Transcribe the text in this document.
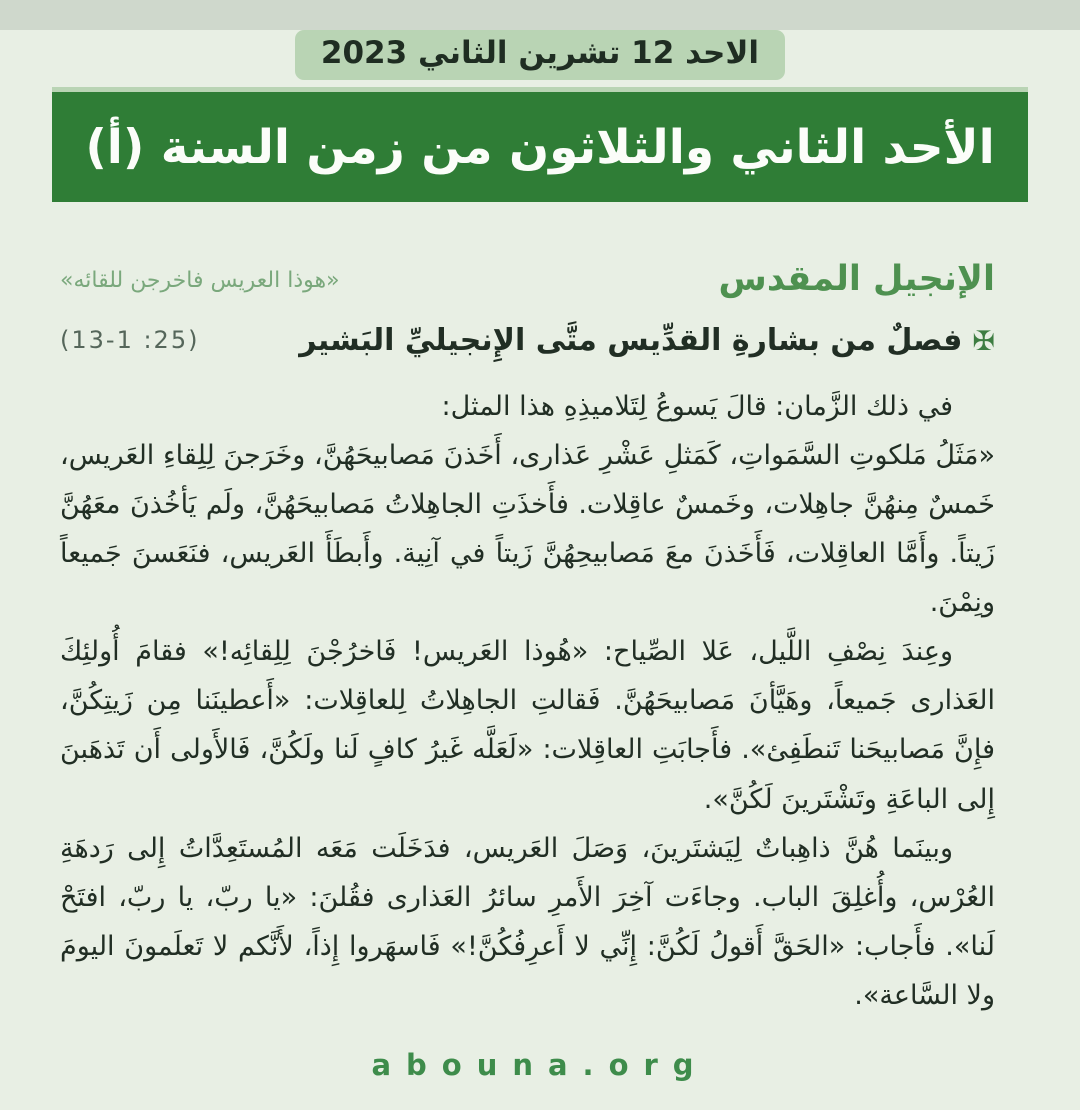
الاحد 12 تشرين الثاني 2023
الأحد الثاني والثلاثون من زمن السنة (أ)
الإنجيل المقدس
«هوذا العريس فاخرجن للقائه»
✠فصلٌ من بشارةِ القدِّيس متَّى الإِنجيليِّ البَشير
(13-1 :25)

في ذلك الزَّمان: قالَ يَسوعُ لِتَلاميذِهِ هذا المثل:

«مَثَلُ مَلكوتِ السَّمَواتِ، كَمَثلِ عَشْرِ عَذارى، أَخَذنَ مَصابيحَهُنَّ، وخَرَجنَ لِلِقاءِ العَريس، خَمسٌ مِنهُنَّ جاهِلات، وخَمسٌ عاقِلات. فأَخذَتِ الجاهِلاتُ مَصابيحَهُنَّ، ولَم يَأخُذنَ معَهُنَّ زَيتاً. وأَمَّا العاقِلات، فَأَخَذنَ معَ مَصابيحِهُنَّ زَيتاً في آنِية. وأَبطَأَ العَريس، فنَعَسنَ جَميعاً ونِمْنَ.

وعِندَ نِصْفِ اللَّيل، عَلا الصِّياح: «هُوذا العَريس! فَاخرُجْنَ لِلِقائِه!» فقامَ أُولئِكَ العَذارى جَميعاً، وهَيَّأنَ مَصابيحَهُنَّ. فَقالتِ الجاهِلاتُ لِلعاقِلات: «أَعطينَنا مِن زَيتِكُنَّ، فإِنَّ مَصابيحَنا تَنطَفِئ». فأَجابَتِ العاقِلات: «لَعَلَّه غَيرُ كافٍ لَنا ولَكُنَّ، فَالأَولى أَن تَذهَبنَ إِلى الباعَةِ وتَشْتَرينَ لَكُنَّ».

وبينَما هُنَّ ذاهِباتٌ لِيَشتَرينَ، وَصَلَ العَريس، فدَخَلَت مَعَه المُستَعِدَّاتُ إِلى رَدهَةِ العُرْس، وأُغلِقَ الباب. وجاءَت آخِرَ الأَمرِ سائرُ العَذارى فقُلنَ: «يا ربّ، يا ربّ، افتَحْ لَنا». فأَجاب: «الحَقَّ أَقولُ لَكُنَّ: إِنِّي لا أَعرِفُكُنَّ!» فَاسهَروا إِذاً، لأَنَّكم لا تَعلَمونَ اليومَ ولا السَّاعة».

abouna.org
